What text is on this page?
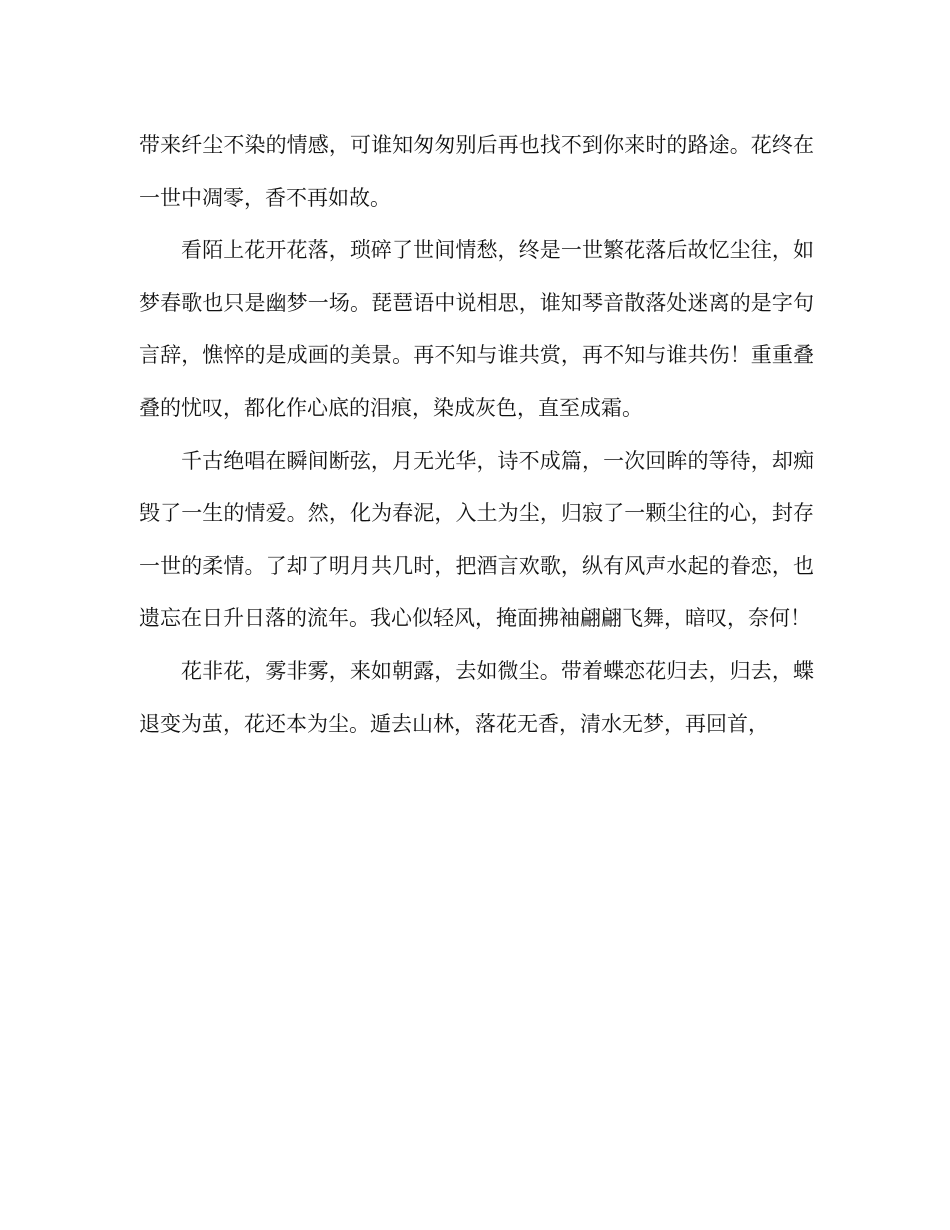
带来纤尘不染的情感，可谁知匆匆别后再也找不到你来时的路途。花终在一世中凋零，香不再如故。

看陌上花开花落，琐碎了世间情愁，终是一世繁花落后故忆尘往，如梦春歌也只是幽梦一场。琵琶语中说相思，谁知琴音散落处迷离的是字句言辞，憔悴的是成画的美景。再不知与谁共赏，再不知与谁共伤！重重叠叠的忧叹，都化作心底的泪痕，染成灰色，直至成霜。

千古绝唱在瞬间断弦，月无光华，诗不成篇，一次回眸的等待，却痴毁了一生的情爱。然，化为春泥，入土为尘，归寂了一颗尘往的心，封存一世的柔情。了却了明月共几时，把酒言欢歌，纵有风声水起的眷恋，也遗忘在日升日落的流年。我心似轻风，掩面拂袖翩翩飞舞，暗叹，奈何！

花非花，雾非雾，来如朝露，去如微尘。带着蝶恋花归去，归去，蝶退变为茧，花还本为尘。遁去山林，落花无香，清水无梦，再回首，
